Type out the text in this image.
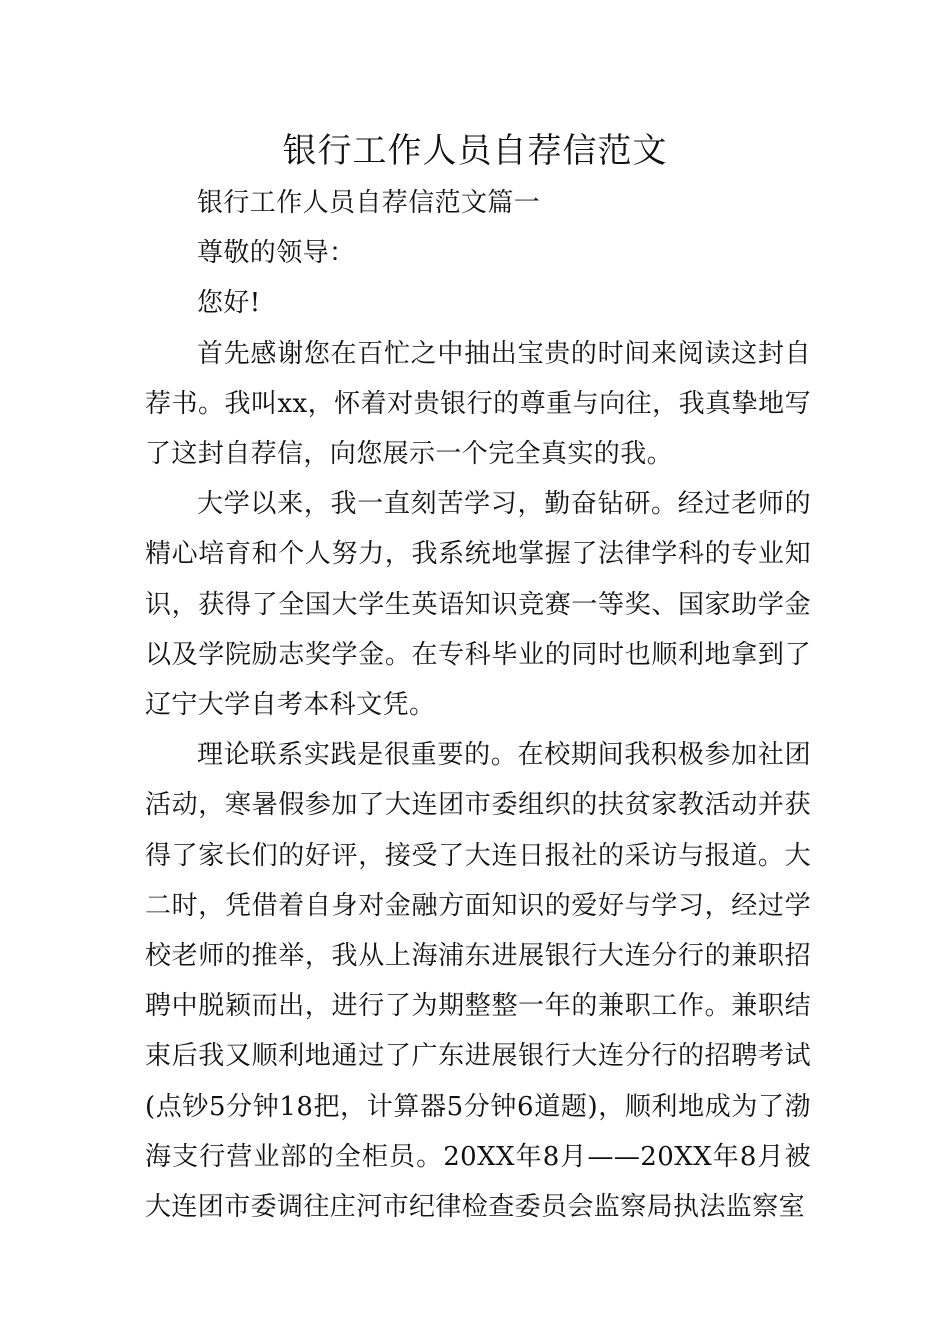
银行工作人员自荐信范文

银行工作人员自荐信范文篇一

尊敬的领导：

您好!

首先感谢您在百忙之中抽出宝贵的时间来阅读这封自荐书。我叫xx，怀着对贵银行的尊重与向往，我真挚地写了这封自荐信，向您展示一个完全真实的我。

大学以来，我一直刻苦学习，勤奋钻研。经过老师的精心培育和个人努力，我系统地掌握了法律学科的专业知识，获得了全国大学生英语知识竞赛一等奖、国家助学金以及学院励志奖学金。在专科毕业的同时也顺利地拿到了辽宁大学自考本科文凭。

理论联系实践是很重要的。在校期间我积极参加社团活动，寒暑假参加了大连团市委组织的扶贫家教活动并获得了家长们的好评，接受了大连日报社的采访与报道。大二时，凭借着自身对金融方面知识的爱好与学习，经过学校老师的推举，我从上海浦东进展银行大连分行的兼职招聘中脱颖而出，进行了为期整整一年的兼职工作。兼职结束后我又顺利地通过了广东进展银行大连分行的招聘考试(点钞5分钟18把，计算器5分钟6道题)，顺利地成为了渤海支行营业部的全柜员。20XX年8月——20XX年8月被大连团市委调往庄河市纪律检查委员会监察局执法监察室
